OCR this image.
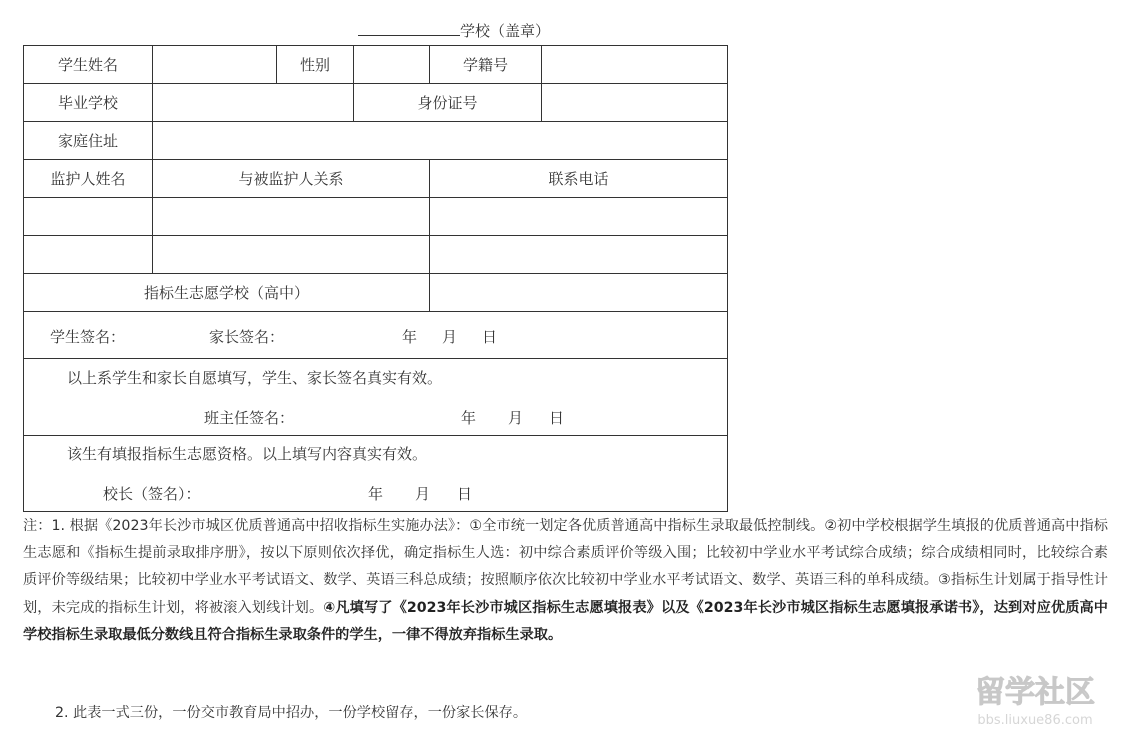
学校（盖章）
学生姓名		性别		学籍号	
毕业学校			身份证号		
家庭住址					
监护人姓名	与被监护人关系			联系电话	

指标生志愿学校（高中）					

学生签名： 家长签名： 年 月 日					

以上系学生和家长自愿填写，学生、家长签名真实有效。
班主任签名： 年 月 日					

该生有填报指标生志愿资格。以上填写内容真实有效。
校长（签名）： 年 月 日					
注：1. 根据《2023年长沙市城区优质普通高中招收指标生实施办法》：①全市统一划定各优质普通高中指标生录取最低控制线。②初中学校根据学生填报的优质普通高中指标生志愿和《指标生提前录取排序册》，按以下原则依次择优，确定指标生人选：初中综合素质评价等级入围；比较初中学业水平考试综合成绩；综合成绩相同时，比较综合素质评价等级结果；比较初中学业水平考试语文、数学、英语三科总成绩；按照顺序依次比较初中学业水平考试语文、数学、英语三科的单科成绩。③指标生计划属于指导性计划，未完成的指标生计划，将被滚入划线计划。④凡填写了《2023年长沙市城区指标生志愿填报表》以及《2023年长沙市城区指标生志愿填报承诺书》，达到对应优质高中学校指标生录取最低分数线且符合指标生录取条件的学生，一律不得放弃指标生录取。
2. 此表一式三份，一份交市教育局中招办，一份学校留存，一份家长保存。
留学社区
bbs.liuxue86.com
